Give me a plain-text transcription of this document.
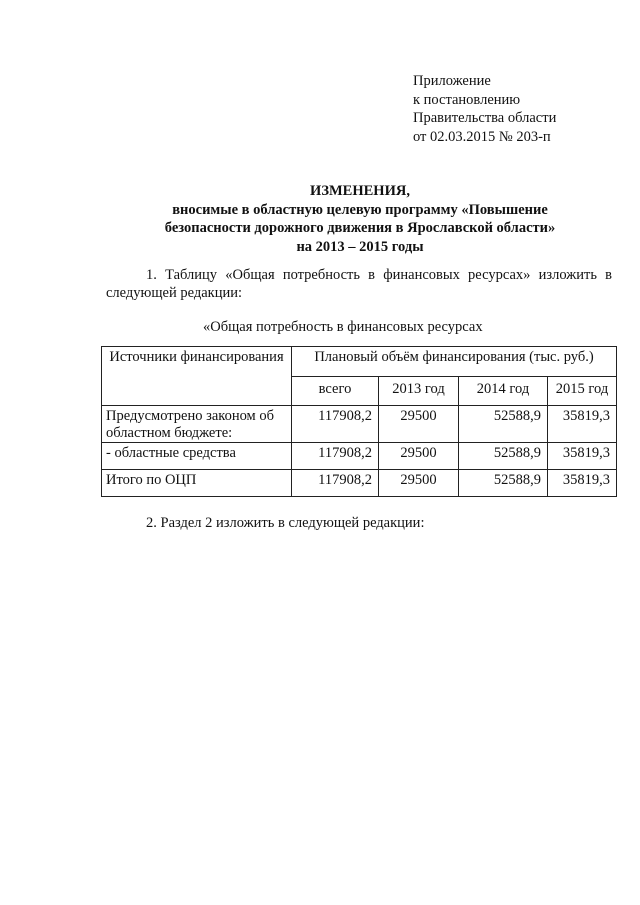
Приложение
к постановлению
Правительства области
от 02.03.2015 № 203-п
ИЗМЕНЕНИЯ,
вносимые в областную целевую программу «Повышение
безопасности дорожного движения в Ярославской области»
на 2013 – 2015 годы
1. Таблицу «Общая потребность в финансовых ресурсах» изложить в следующей редакции:
«Общая потребность в финансовых ресурсах
Источники финансирования	Плановый объём финансирования (тыс. руб.)			
	всего	2013 год	2014 год	2015 год
Предусмотрено законом об областном бюджете:	117908,2	29500	52588,9	35819,3
- областные средства	117908,2	29500	52588,9	35819,3
Итого по ОЦП	117908,2	29500	52588,9	35819,3
2. Раздел 2 изложить в следующей редакции:
